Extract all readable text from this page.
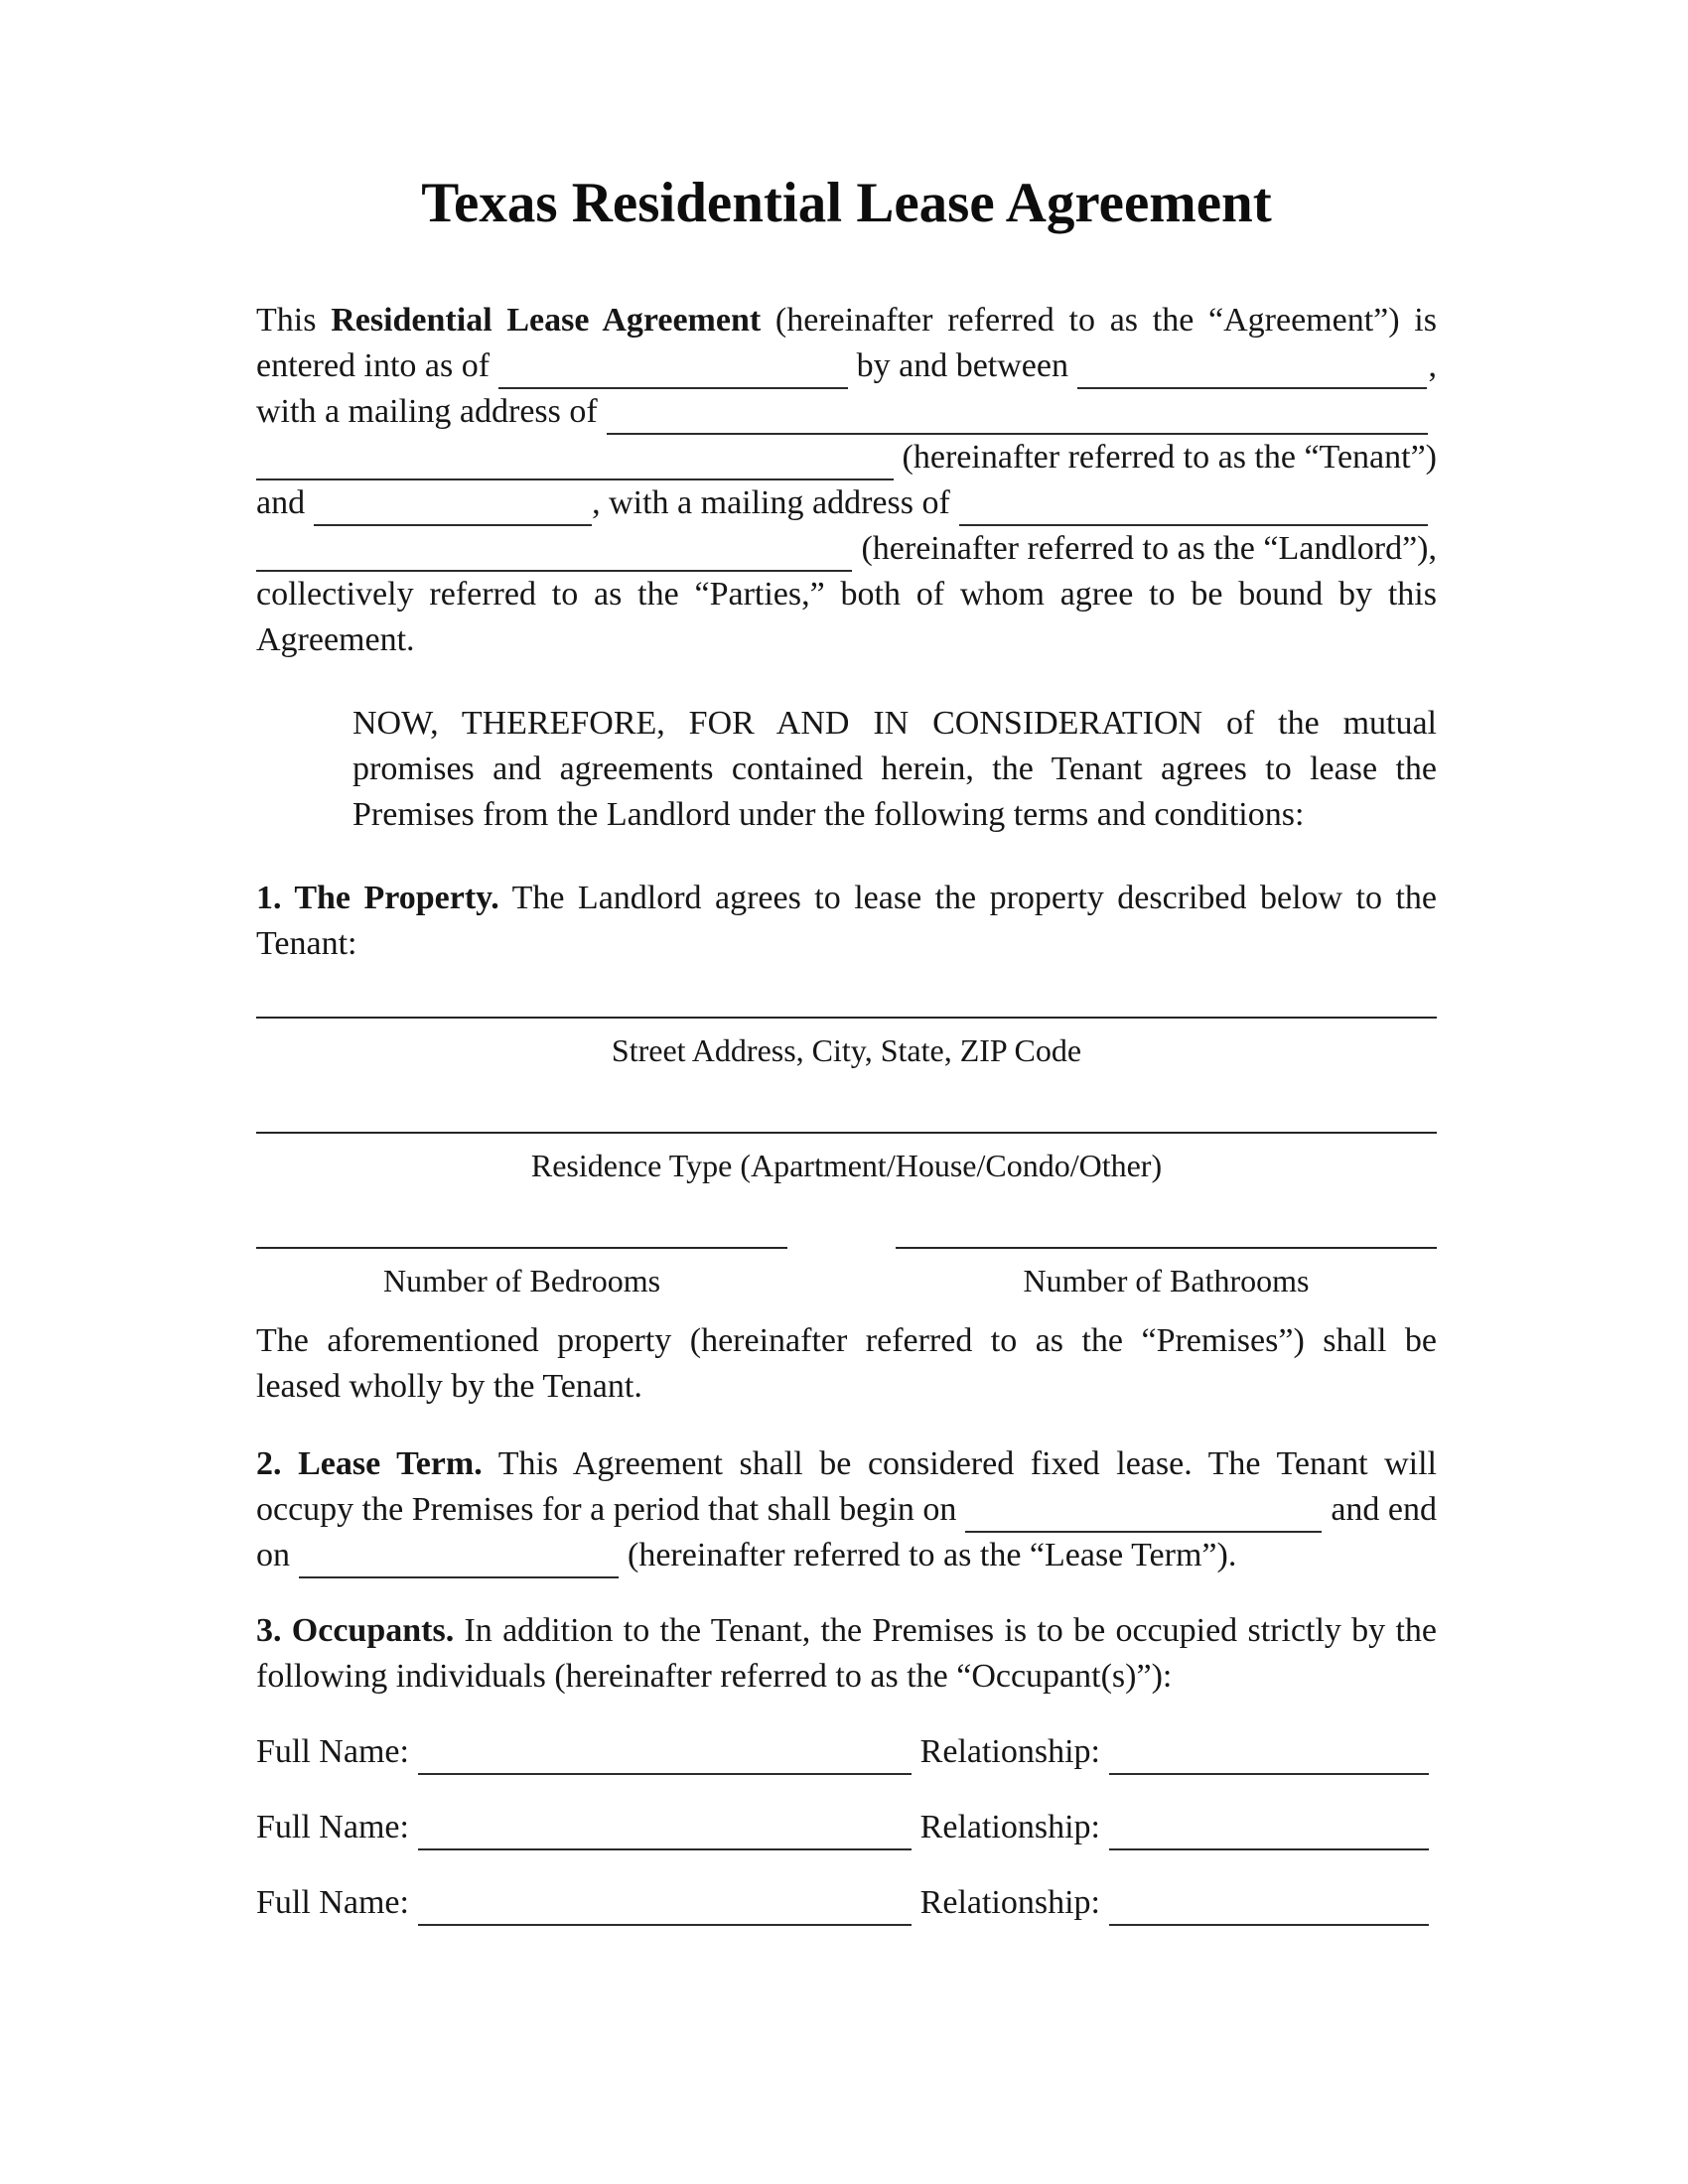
Texas Residential Lease Agreement
This Residential Lease Agreement (hereinafter referred to as the “Agreement”) is
entered into as of	by and between	,
with a mailing address of
(hereinafter referred to as the “Tenant”)
and	, with a mailing address of
(hereinafter referred to as the “Landlord”),
collectively referred to as the “Parties,” both of whom agree to be bound by this
Agreement.
NOW, THEREFORE, FOR AND IN CONSIDERATION of the mutual
promises and agreements contained herein, the Tenant agrees to lease the
Premises from the Landlord under the following terms and conditions:
1. The Property. The Landlord agrees to lease the property described below to the
Tenant:
Street Address, City, State, ZIP Code
Residence Type (Apartment/House/Condo/Other)
Number of Bedrooms	Number of Bathrooms
The aforementioned property (hereinafter referred to as the “Premises”) shall be
leased wholly by the Tenant.
2. Lease Term. This Agreement shall be considered fixed lease. The Tenant will
occupy the Premises for a period that shall begin on	and end
on	(hereinafter referred to as the “Lease Term”).
3. Occupants. In addition to the Tenant, the Premises is to be occupied strictly by the
following individuals (hereinafter referred to as the “Occupant(s)”):
Full Name:	Relationship:
Full Name:	Relationship:
Full Name:	Relationship:
